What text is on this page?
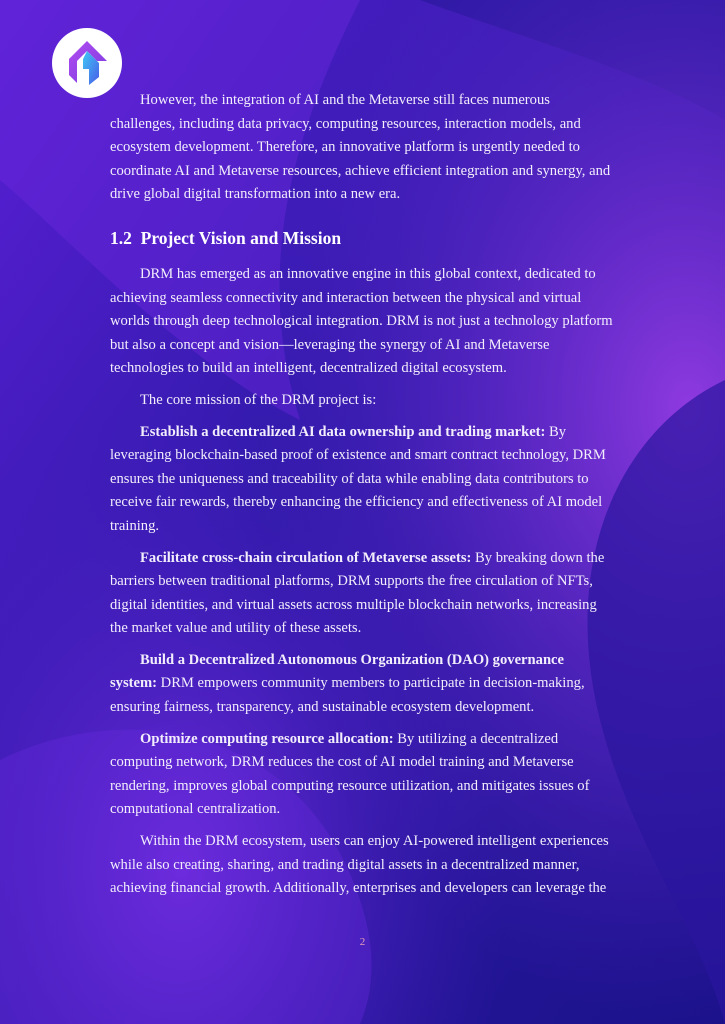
However, the integration of AI and the Metaverse still faces numerous challenges, including data privacy, computing resources, interaction models, and ecosystem development. Therefore, an innovative platform is urgently needed to coordinate AI and Metaverse resources, achieve efficient integration and synergy, and drive global digital transformation into a new era.

1.2 Project Vision and Mission

DRM has emerged as an innovative engine in this global context, dedicated to achieving seamless connectivity and interaction between the physical and virtual worlds through deep technological integration. DRM is not just a technology platform but also a concept and vision—leveraging the synergy of AI and Metaverse technologies to build an intelligent, decentralized digital ecosystem.

The core mission of the DRM project is:

Establish a decentralized AI data ownership and trading market: By leveraging blockchain-based proof of existence and smart contract technology, DRM ensures the uniqueness and traceability of data while enabling data contributors to receive fair rewards, thereby enhancing the efficiency and effectiveness of AI model training.

Facilitate cross-chain circulation of Metaverse assets: By breaking down the barriers between traditional platforms, DRM supports the free circulation of NFTs, digital identities, and virtual assets across multiple blockchain networks, increasing the market value and utility of these assets.

Build a Decentralized Autonomous Organization (DAO) governance system: DRM empowers community members to participate in decision-making, ensuring fairness, transparency, and sustainable ecosystem development.

Optimize computing resource allocation: By utilizing a decentralized computing network, DRM reduces the cost of AI model training and Metaverse rendering, improves global computing resource utilization, and mitigates issues of computational centralization.

Within the DRM ecosystem, users can enjoy AI-powered intelligent experiences while also creating, sharing, and trading digital assets in a decentralized manner, achieving financial growth. Additionally, enterprises and developers can leverage the

2
